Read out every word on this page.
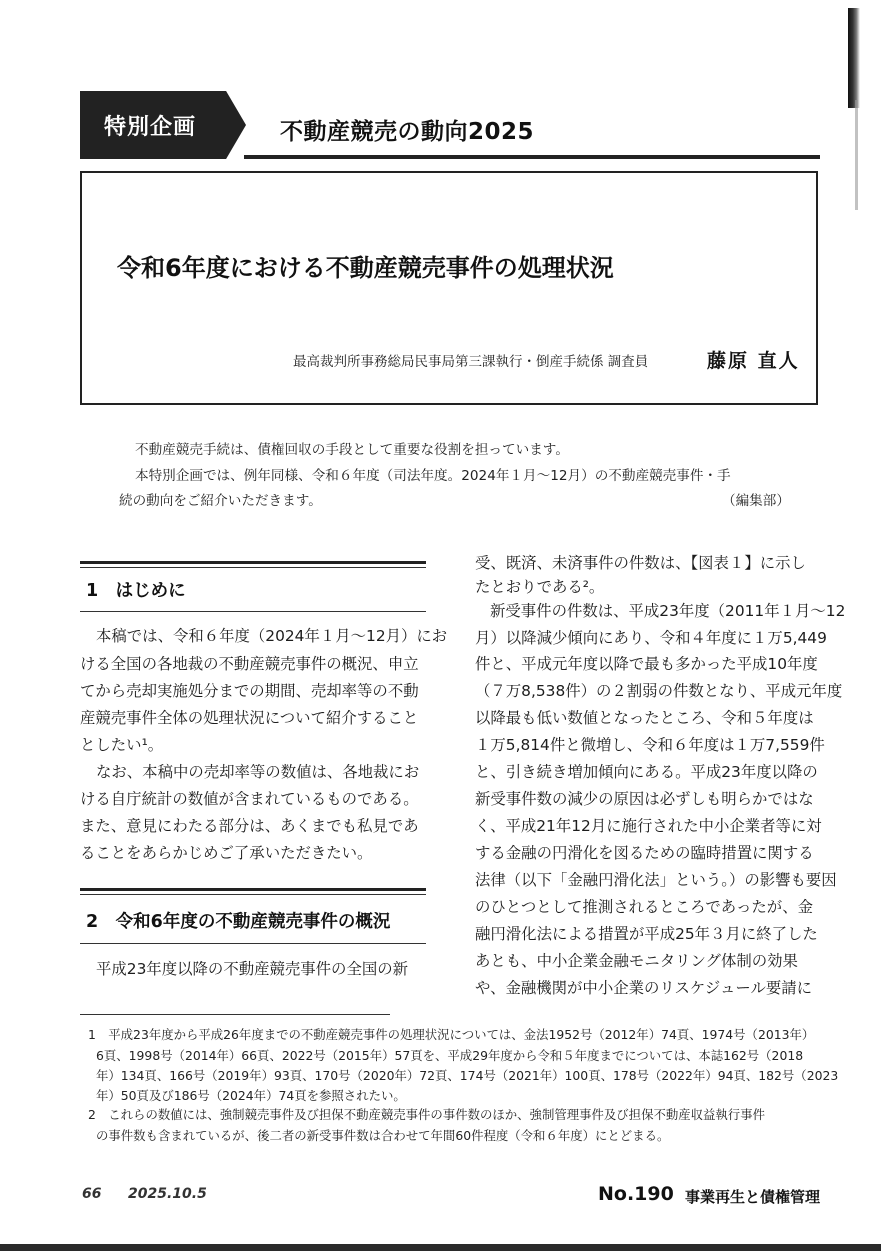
特別企画	不動産競売の動向2025
令和6年度における不動産競売事件の処理状況
最高裁判所事務総局民事局第三課執行・倒産手続係 調査員	藤原 直人
不動産競売手続は、債権回収の手段として重要な役割を担っています。
本特別企画では、例年同様、令和６年度（司法年度。2024年１月～12月）の不動産競売事件・手
続の動向をご紹介いただきます。	（編集部）
1　はじめに
本稿では、令和６年度（2024年１月～12月）にお
ける全国の各地裁の不動産競売事件の概況、申立
てから売却実施処分までの期間、売却率等の不動
産競売事件全体の処理状況について紹介すること
としたい¹。
なお、本稿中の売却率等の数値は、各地裁にお
ける自庁統計の数値が含まれているものである。
また、意見にわたる部分は、あくまでも私見であ
ることをあらかじめご了承いただきたい。
2　令和6年度の不動産競売事件の概況
平成23年度以降の不動産競売事件の全国の新
受、既済、未済事件の件数は、【図表１】に示し
たとおりである²。
新受事件の件数は、平成23年度（2011年１月～12
月）以降減少傾向にあり、令和４年度に１万5,449
件と、平成元年度以降で最も多かった平成10年度
（７万8,538件）の２割弱の件数となり、平成元年度
以降最も低い数値となったところ、令和５年度は
１万5,814件と微増し、令和６年度は１万7,559件
と、引き続き増加傾向にある。平成23年度以降の
新受事件数の減少の原因は必ずしも明らかではな
く、平成21年12月に施行された中小企業者等に対
する金融の円滑化を図るための臨時措置に関する
法律（以下「金融円滑化法」という。）の影響も要因
のひとつとして推測されるところであったが、金
融円滑化法による措置が平成25年３月に終了した
あとも、中小企業金融モニタリング体制の効果
や、金融機関が中小企業のリスケジュール要請に
1　平成23年度から平成26年度までの不動産競売事件の処理状況については、金法1952号（2012年）74頁、1974号（2013年）
6頁、1998号（2014年）66頁、2022号（2015年）57頁を、平成29年度から令和５年度までについては、本誌162号（2018
年）134頁、166号（2019年）93頁、170号（2020年）72頁、174号（2021年）100頁、178号（2022年）94頁、182号（2023
年）50頁及び186号（2024年）74頁を参照されたい。
2　これらの数値には、強制競売事件及び担保不動産競売事件の事件数のほか、強制管理事件及び担保不動産収益執行事件
の事件数も含まれているが、後二者の新受事件数は合わせて年間60件程度（令和６年度）にとどまる。
66 2025.10.5	No.190 事業再生と債権管理
